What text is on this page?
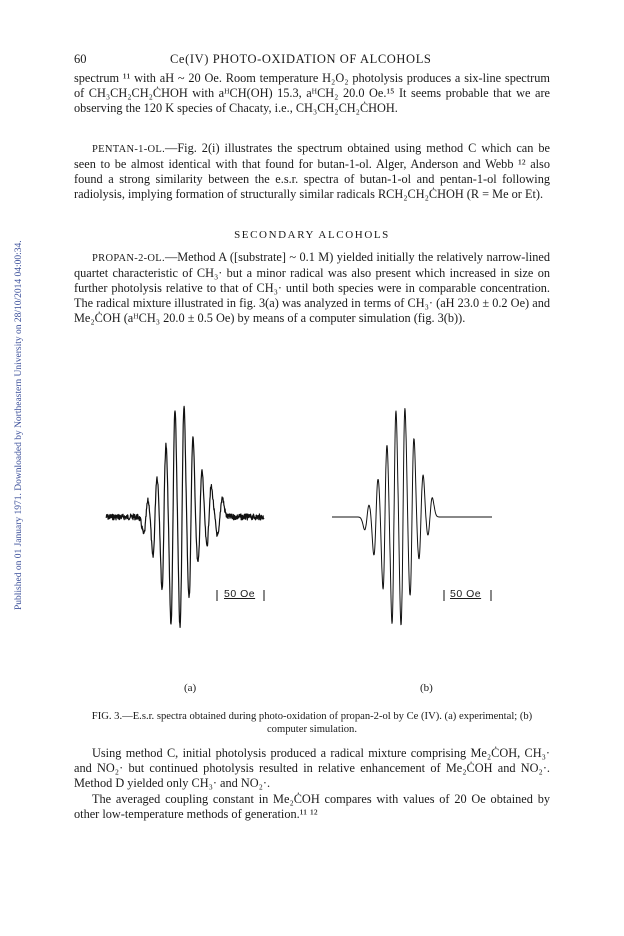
Published on 01 January 1971. Downloaded by Northeastern University on 28/10/2014 04:00:34.
60	Ce(IV) PHOTO-OXIDATION OF ALCOHOLS
spectrum ¹¹ with aH ~ 20 Oe. Room temperature H₂O₂ photolysis produces a six-line spectrum of CH₃CH₂CH₂ĊHOH with aᴴCH(OH) 15.3, aᴴCH₂ 20.0 Oe.¹⁵ It seems probable that we are observing the 120 K species of Chacaty, i.e., CH₃CH₂CH₂ĊHOH.
PENTAN-1-OL.—Fig. 2(i) illustrates the spectrum obtained using method C which can be seen to be almost identical with that found for butan-1-ol. Alger, Anderson and Webb ¹² also found a strong similarity between the e.s.r. spectra of butan-1-ol and pentan-1-ol following radiolysis, implying formation of structurally similar radicals RCH₂CH₂ĊHOH (R = Me or Et).
SECONDARY ALCOHOLS
PROPAN-2-OL.—Method A ([substrate] ~ 0.1 M) yielded initially the relatively narrow-lined quartet characteristic of CH₃· but a minor radical was also present which increased in size on further photolysis relative to that of CH₃· until both species were in comparable concentration. The radical mixture illustrated in fig. 3(a) was analyzed in terms of CH₃· (aH 23.0 ± 0.2 Oe) and Me₂ĊOH (aᴴCH₃ 20.0 ± 0.5 Oe) by means of a computer simulation (fig. 3(b)).
50 Oe	50 Oe
(a)	(b)
FIG. 3.—E.s.r. spectra obtained during photo-oxidation of propan-2-ol by Ce (IV). (a) experimental; (b) computer simulation.
Using method C, initial photolysis produced a radical mixture comprising Me₂ĊOH, CH₃· and NO₂· but continued photolysis resulted in relative enhancement of Me₂ĊOH and NO₂·. Method D yielded only CH₃· and NO₂·.
The averaged coupling constant in Me₂ĊOH compares with values of 20 Oe obtained by other low-temperature methods of generation.¹¹ ¹²
